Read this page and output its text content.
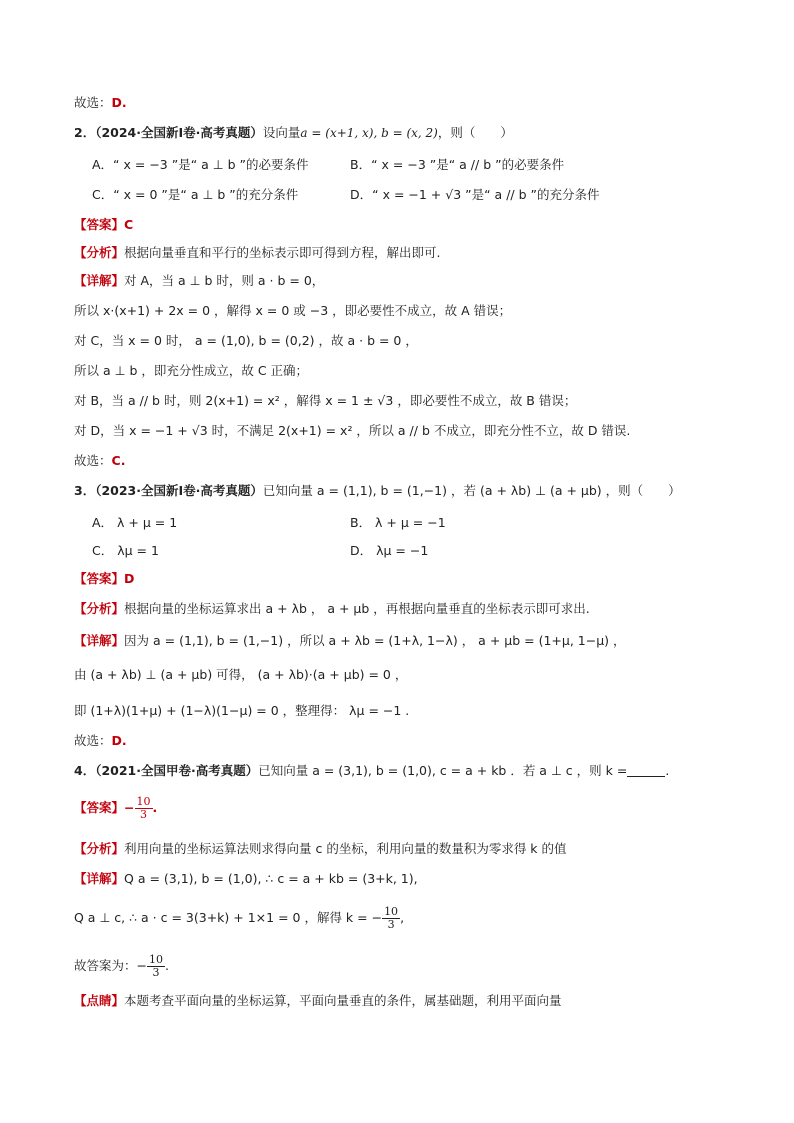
故选：D.
2．（2024·全国新Ⅰ卷·高考真题）设向量a = (x+1, x), b = (x, 2)，则（　　）
A．“ x = −3 ”是“ a ⊥ b ”的必要条件	B．“ x = −3 ”是“ a // b ”的必要条件
C．“ x = 0 ”是“ a ⊥ b ”的充分条件	D．“ x = −1 + √3 ”是“ a // b ”的充分条件
【答案】C
【分析】根据向量垂直和平行的坐标表示即可得到方程，解出即可.
【详解】对 A，当 a ⊥ b 时，则 a · b = 0，
所以 x·(x+1) + 2x = 0 ，解得 x = 0 或 −3 ，即必要性不成立，故 A 错误；
对 C，当 x = 0 时， a = (1,0), b = (0,2) ，故 a · b = 0 ，
所以 a ⊥ b ，即充分性成立，故 C 正确；
对 B，当 a // b 时，则 2(x+1) = x² ，解得 x = 1 ± √3 ，即必要性不成立，故 B 错误；
对 D，当 x = −1 + √3 时，不满足 2(x+1) = x² ，所以 a // b 不成立，即充分性不立，故 D 错误.
故选：C.
3．（2023·全国新Ⅰ卷·高考真题）已知向量 a = (1,1), b = (1,−1) ，若 (a + λb) ⊥ (a + μb) ，则（　　）
A． λ + μ = 1	B． λ + μ = −1
C． λμ = 1	D． λμ = −1
【答案】D
【分析】根据向量的坐标运算求出 a + λb ， a + μb ，再根据向量垂直的坐标表示即可求出.
【详解】因为 a = (1,1), b = (1,−1) ，所以 a + λb = (1+λ, 1−λ) ， a + μb = (1+μ, 1−μ) ，
由 (a + λb) ⊥ (a + μb) 可得， (a + λb)·(a + μb) = 0 ，
即 (1+λ)(1+μ) + (1−λ)(1−μ) = 0 ，整理得： λμ = −1 .
故选：D.
4．（2021·全国甲卷·高考真题）已知向量 a = (3,1), b = (1,0), c = a + kb ．若 a ⊥ c ，则 k =	.
【答案】− $\frac{10}{3}$ .
【分析】利用向量的坐标运算法则求得向量 c 的坐标，利用向量的数量积为零求得 k 的值
【详解】Q a = (3,1), b = (1,0), ∴ c = a + kb = (3+k, 1),
Q a ⊥ c, ∴ a · c = 3(3+k) + 1×1 = 0 ，解得 k = − $\frac{10}{3}$ ,
故答案为：− $\frac{10}{3}$ .
【点睛】本题考查平面向量的坐标运算，平面向量垂直的条件，属基础题，利用平面向量
